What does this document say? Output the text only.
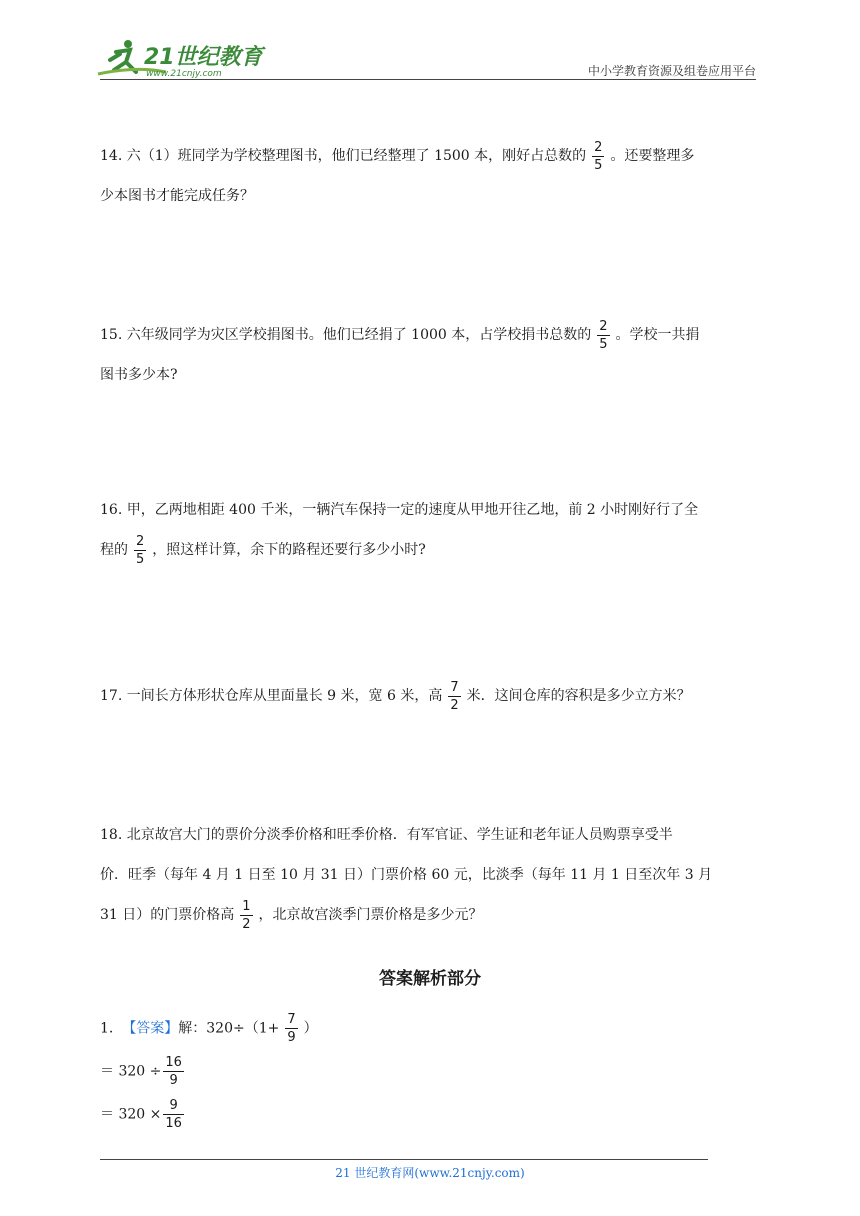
21世纪教育
www.21cnjy.com	中小学教育资源及组卷应用平台

14. 六（1）班同学为学校整理图书，他们已经整理了 1500 本，刚好占总数的 $\frac{2}{5}$ 。还要整理多

少本图书才能完成任务？

15. 六年级同学为灾区学校捐图书。他们已经捐了 1000 本，占学校捐书总数的 $\frac{2}{5}$ 。学校一共捐

图书多少本?

16. 甲，乙两地相距 400 千米，一辆汽车保持一定的速度从甲地开往乙地，前 2 小时刚好行了全

程的 $\frac{2}{5}$ ，照这样计算，余下的路程还要行多少小时?

17. 一间长方体形状仓库从里面量长 9 米，宽 6 米，高 $\frac{7}{2}$ 米．这间仓库的容积是多少立方米？

18. 北京故宫大门的票价分淡季价格和旺季价格．有军官证、学生证和老年证人员购票享受半

价．旺季（每年 4 月 1 日至 10 月 31 日）门票价格 60 元，比淡季（每年 11 月 1 日至次年 3 月

31 日）的门票价格高 $\frac{1}{2}$ ，北京故宫淡季门票价格是多少元？

答案解析部分
1. 【答案】解：$320\div(1+ \frac{7}{9}$ ）
＝ $320 \div \frac{16}{9}$
＝ $320 \times \frac{9}{16}$
21 世纪教育网(www.21cnjy.com)
